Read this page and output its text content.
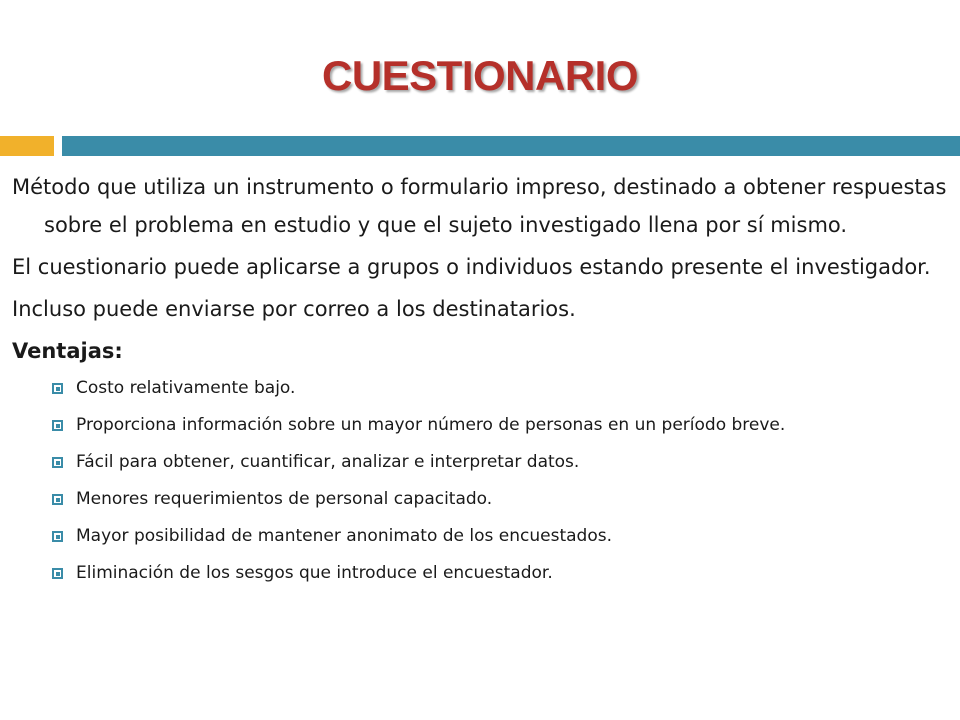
CUESTIONARIO

Método que utiliza un instrumento o formulario impreso, destinado a obtener respuestas sobre el problema en estudio y que el sujeto investigado llena por sí mismo.

El cuestionario puede aplicarse a grupos o individuos estando presente el investigador.

Incluso puede enviarse por correo a los destinatarios.

Ventajas:

Costo relativamente bajo.
Proporciona información sobre un mayor número de personas en un período breve.
Fácil para obtener, cuantificar, analizar e interpretar datos.
Menores requerimientos de personal capacitado.
Mayor posibilidad de mantener anonimato de los encuestados.
Eliminación de los sesgos que introduce el encuestador.
